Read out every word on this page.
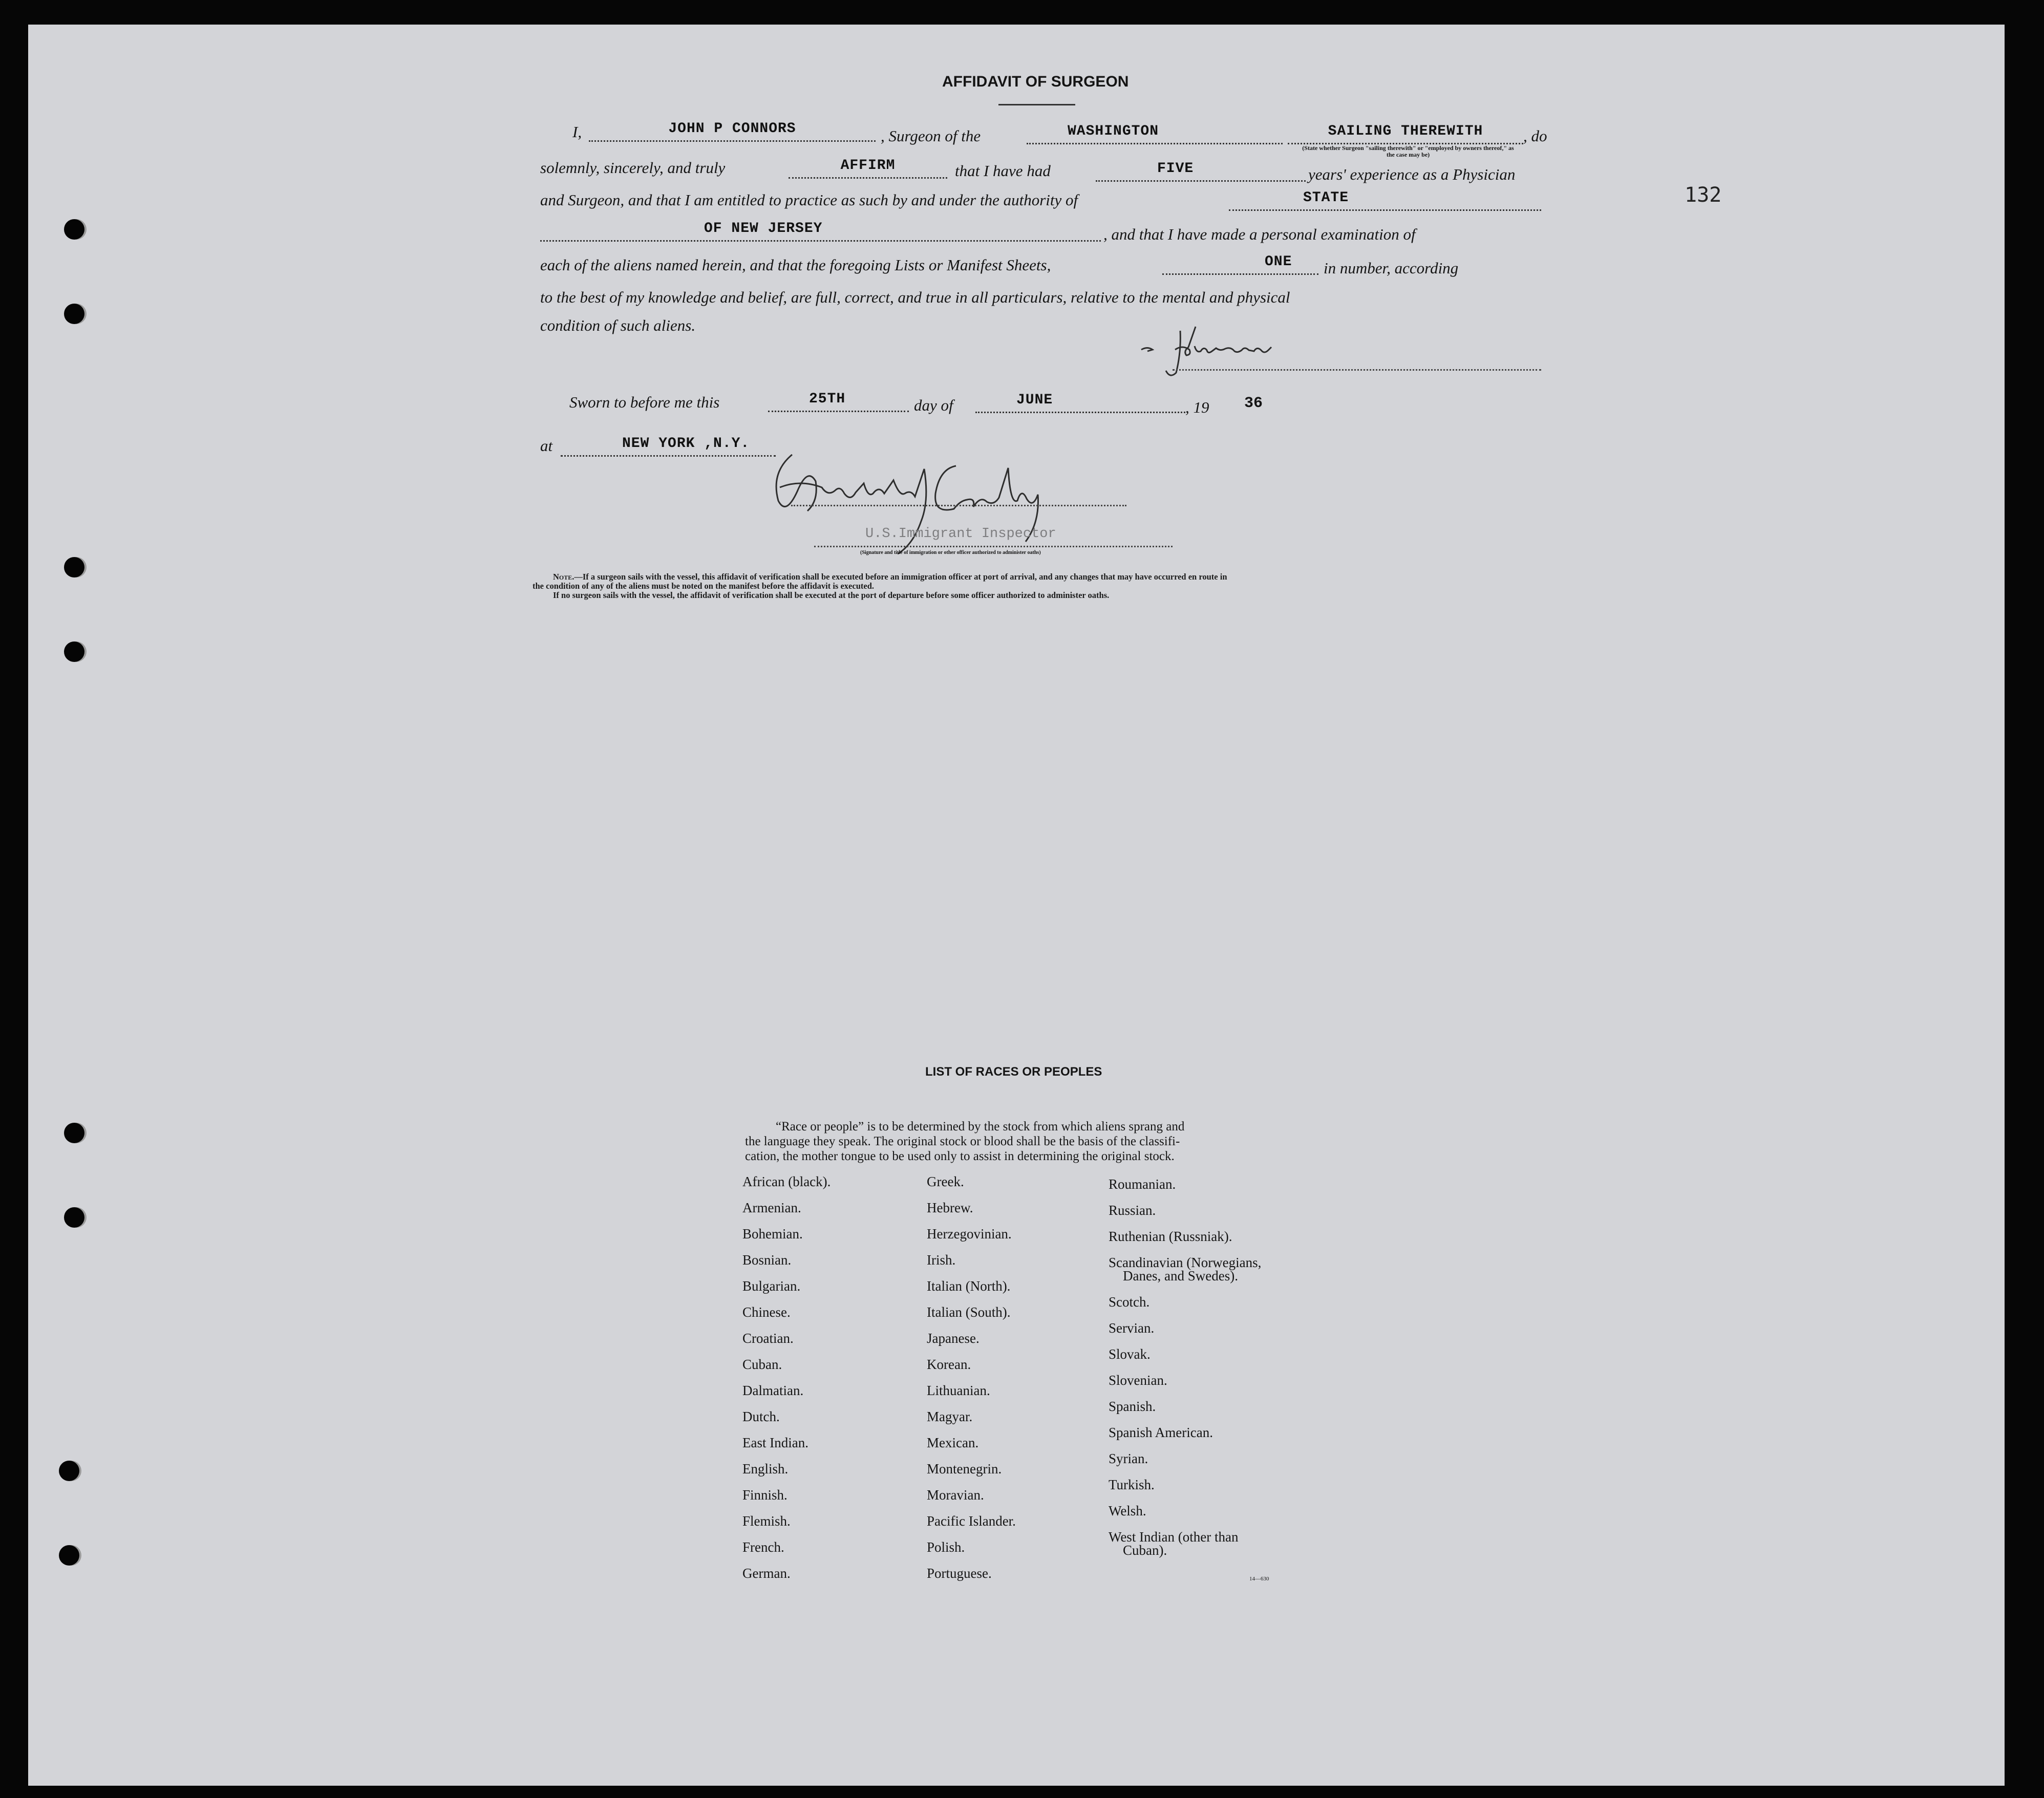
132
AFFIDAVIT OF SURGEON
I,	JOHN P CONNORS	, Surgeon of the	WASHINGTON	SAILING THEREWITH	, do
(State whether Surgeon "sailing therewith" or "employed by owners thereof," as the case may be)
solemnly, sincerely, and truly	AFFIRM	that I have had	FIVE	years' experience as a Physician
and Surgeon, and that I am entitled to practice as such by and under the authority of	STATE
OF NEW JERSEY	, and that I have made a personal examination of
each of the aliens named herein, and that the foregoing Lists or Manifest Sheets,	ONE	in number, according
to the best of my knowledge and belief, are full, correct, and true in all particulars, relative to the mental and physical
condition of such aliens.
Sworn to before me this	25TH	day of	JUNE	, 19 36
at	NEW YORK ,N.Y.
U.S.Immigrant Inspector
(Signature and title of immigration or other officer authorized to administer oaths)
Note.—If a surgeon sails with the vessel, this affidavit of verification shall be executed before an immigration officer at port of arrival, and any changes that may have occurred en route in
the condition of any of the aliens must be noted on the manifest before the affidavit is executed.
If no surgeon sails with the vessel, the affidavit of verification shall be executed at the port of departure before some officer authorized to administer oaths.
LIST OF RACES OR PEOPLES
“Race or people” is to be determined by the stock from which aliens sprang and
the language they speak. The original stock or blood shall be the basis of the classifi-
cation, the mother tongue to be used only to assist in determining the original stock.
African (black).
Armenian.
Bohemian.
Bosnian.
Bulgarian.
Chinese.
Croatian.
Cuban.
Dalmatian.
Dutch.
East Indian.
English.
Finnish.
Flemish.
French.
German.
Greek.
Hebrew.
Herzegovinian.
Irish.
Italian (North).
Italian (South).
Japanese.
Korean.
Lithuanian.
Magyar.
Mexican.
Montenegrin.
Moravian.
Pacific Islander.
Polish.
Portuguese.
Roumanian.
Russian.
Ruthenian (Russniak).
Scandinavian (Norwegians,
Danes, and Swedes).
Scotch.
Servian.
Slovak.
Slovenian.
Spanish.
Spanish American.
Syrian.
Turkish.
Welsh.
West Indian (other than
Cuban).
14—630
